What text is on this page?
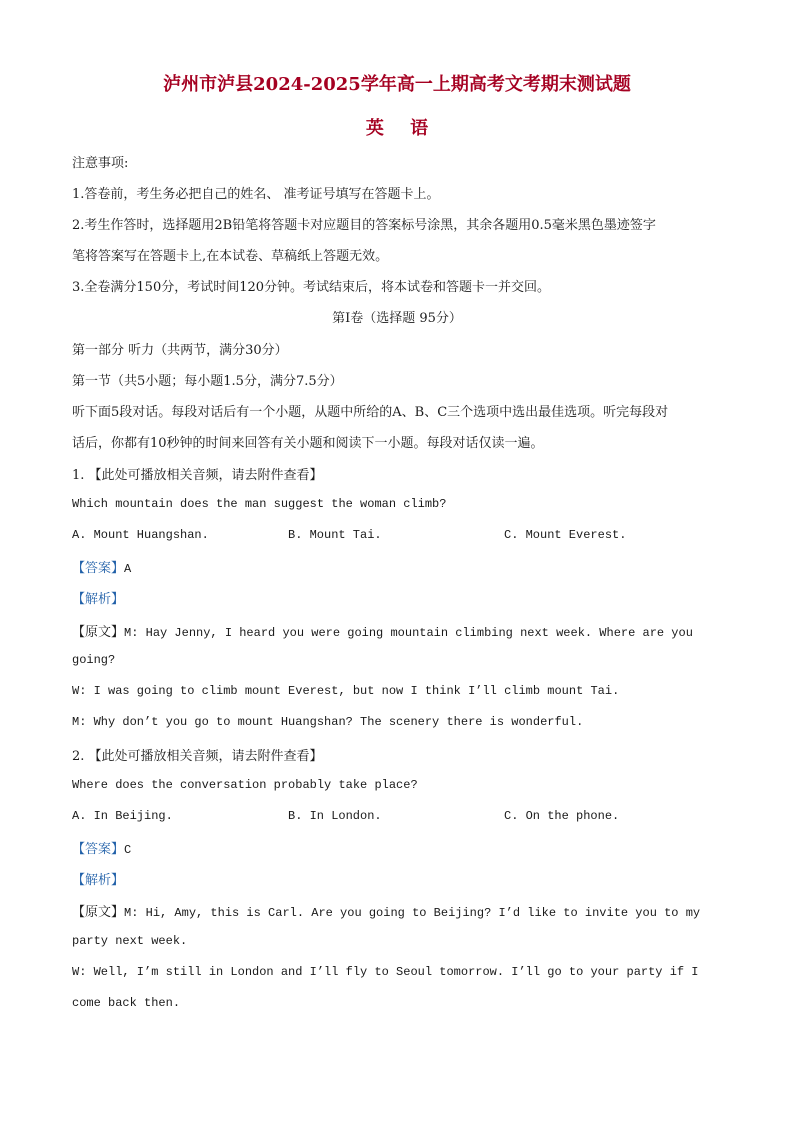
泸州市泸县2024-2025学年高一上期高考文考期末测试题
英 语
注意事项:
1.答卷前，考生务必把自己的姓名、 准考证号填写在答题卡上。
2.考生作答时，选择题用2B铅笔将答题卡对应题目的答案标号涂黑，其余各题用0.5毫米黑色墨迹签字
笔将答案写在答题卡上,在本试卷、草稿纸上答题无效。
3.全卷满分150分，考试时间120分钟。考试结束后，将本试卷和答题卡一并交回。
第I卷（选择题 95分）
第一部分 听力（共两节，满分30分）
第一节（共5小题；每小题1.5分，满分7.5分）
听下面5段对话。每段对话后有一个小题，从题中所给的A、B、C三个选项中选出最佳选项。听完每段对
话后，你都有10秒钟的时间来回答有关小题和阅读下一小题。每段对话仅读一遍。
1. 【此处可播放相关音频，请去附件查看】
Which mountain does the man suggest the woman climb?
A. Mount Huangshan.	B. Mount Tai.	C. Mount Everest.
【答案】A
【解析】
【原文】M: Hay Jenny, I heard you were going mountain climbing next week. Where are you
going?
W: I was going to climb mount Everest, but now I think I’ll climb mount Tai.
M: Why don’t you go to mount Huangshan? The scenery there is wonderful.
2. 【此处可播放相关音频，请去附件查看】
Where does the conversation probably take place?
A. In Beijing.	B. In London.	C. On the phone.
【答案】C
【解析】
【原文】M: Hi, Amy, this is Carl. Are you going to Beijing? I’d like to invite you to my
party next week.
W: Well, I’m still in London and I’ll fly to Seoul tomorrow. I’ll go to your party if I
come back then.
